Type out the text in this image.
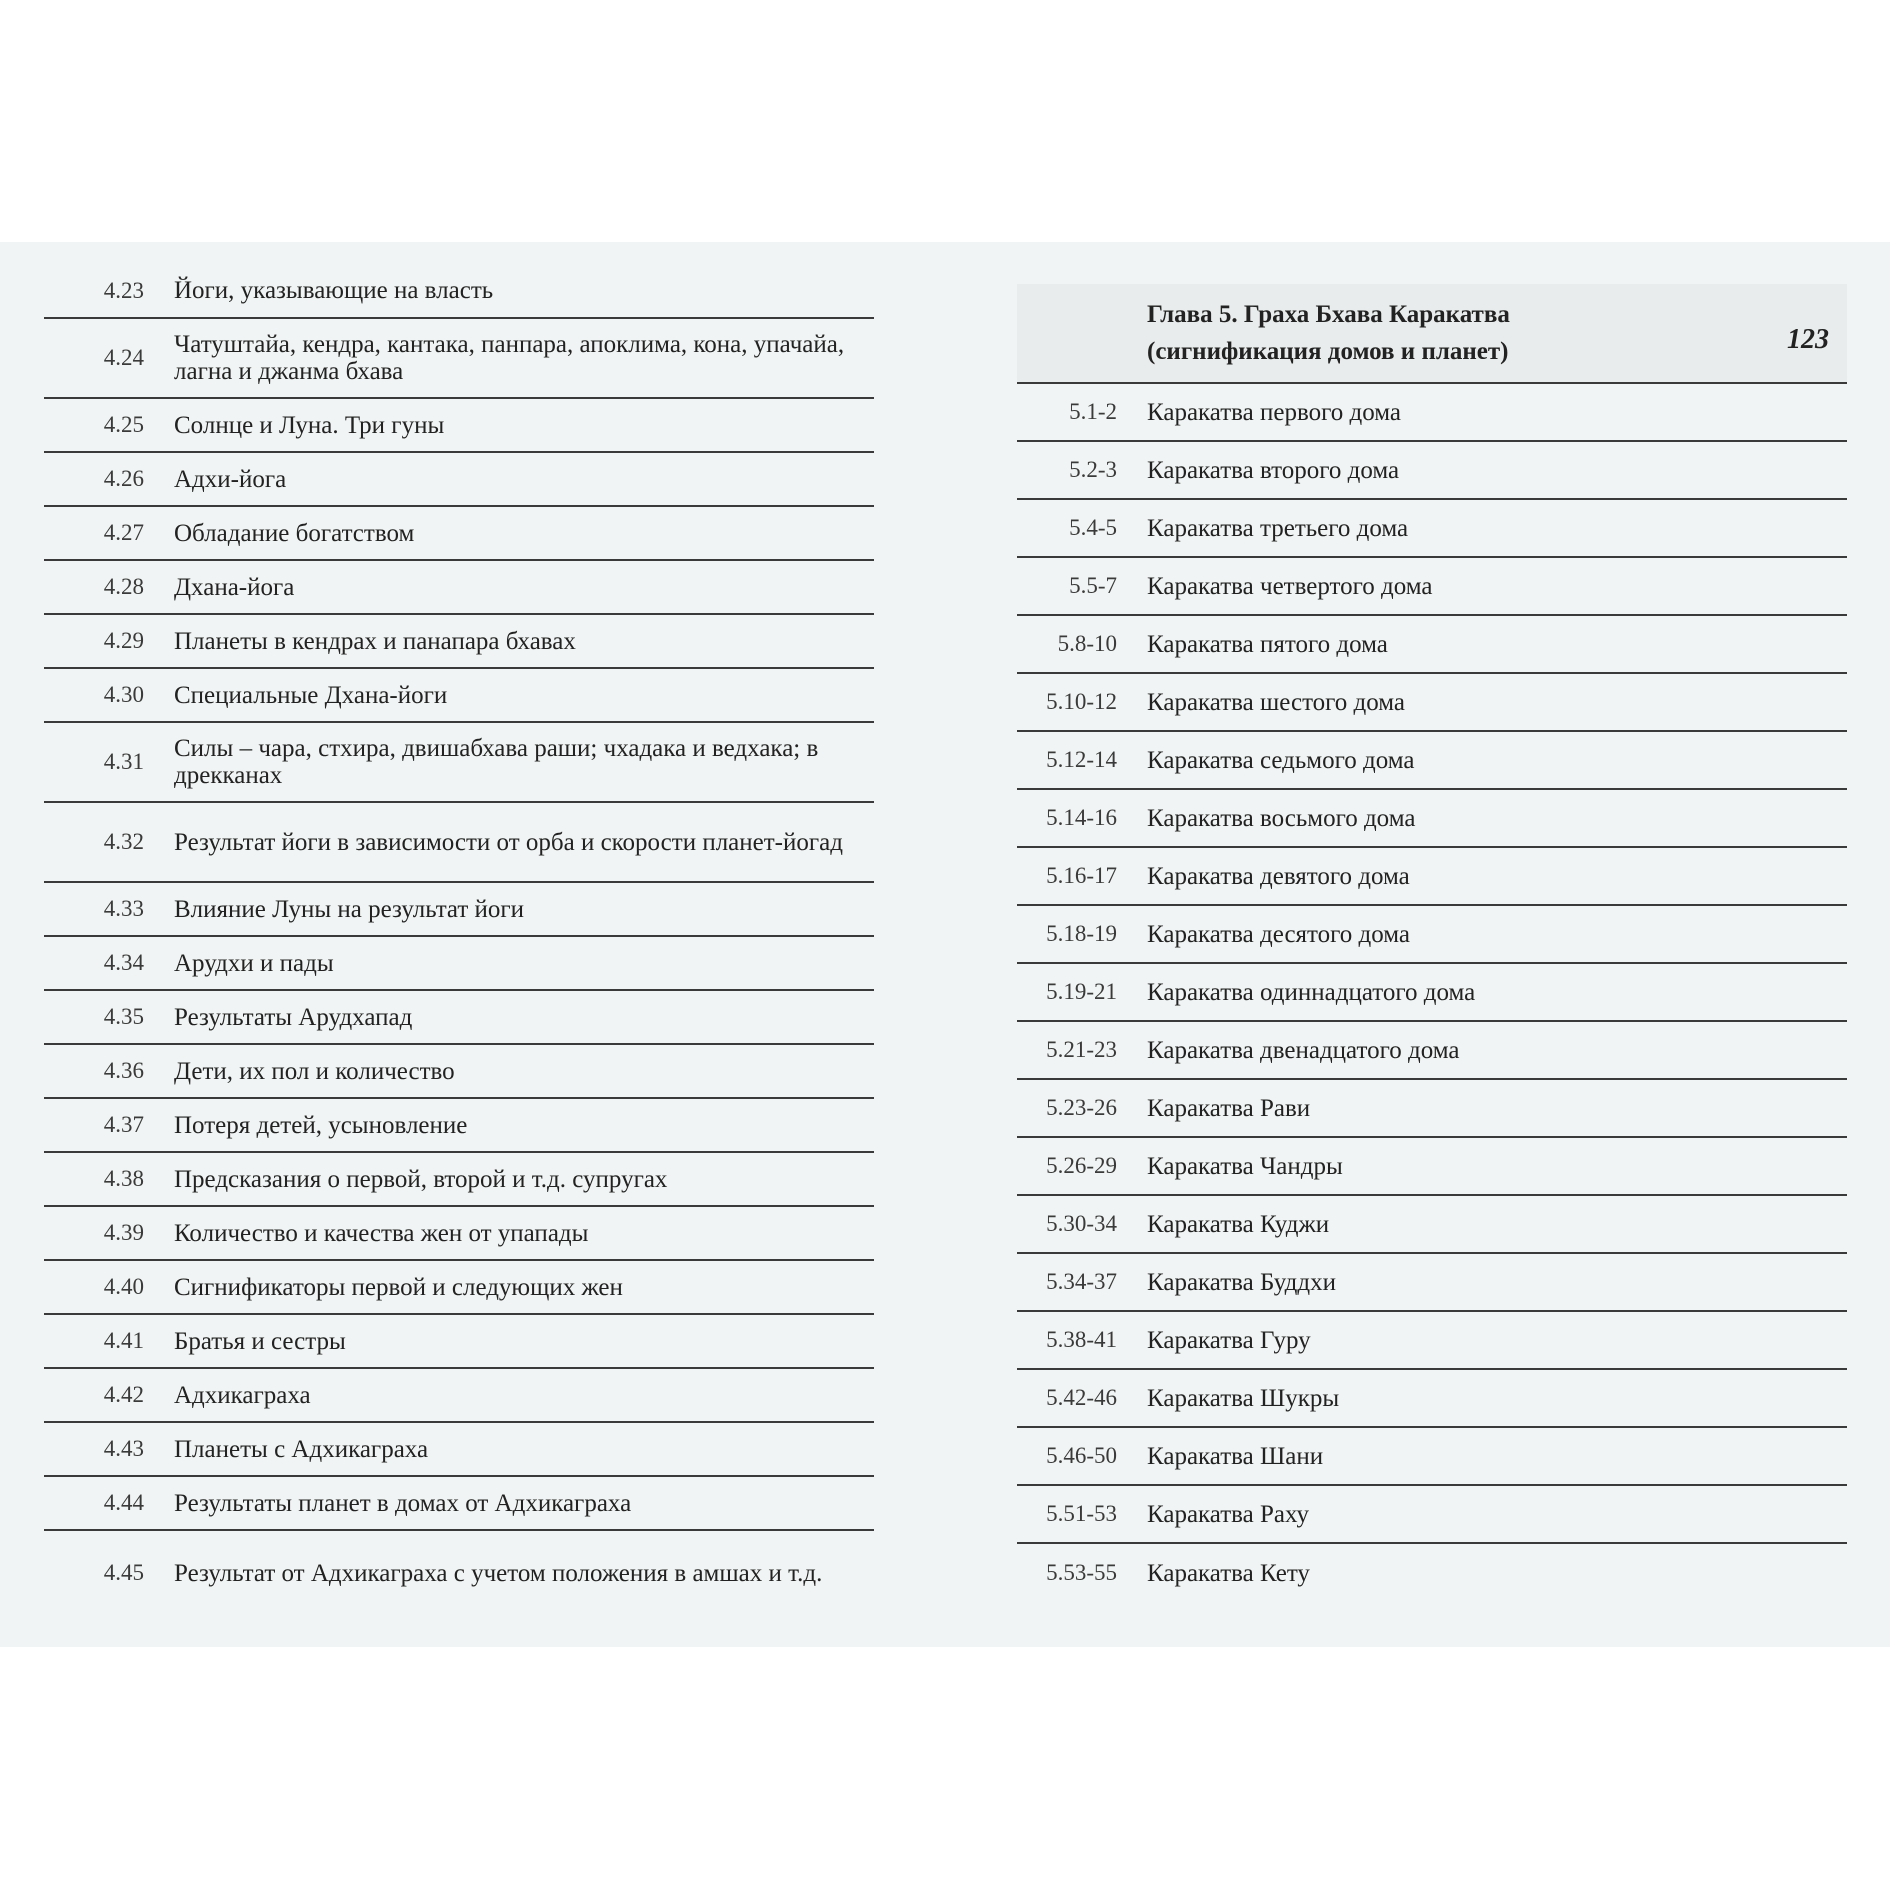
4.23	Йоги, указывающие на власть
4.24	Чатуштайа, кендра, кантака, панпара, апоклима, кона, упачайа, лагна и джанма бхава
4.25	Солнце и Луна. Три гуны
4.26	Адхи-йога
4.27	Обладание богатством
4.28	Дхана-йога
4.29	Планеты в кендрах и панапара бхавах
4.30	Специальные Дхана-йоги
4.31	Силы – чара, стхира, двишабхава раши; чхадака и ведхака; в дрекканах
4.32	Результат йоги в зависимости от орба и скорости планет-йогад
4.33	Влияние Луны на результат йоги
4.34	Арудхи и пады
4.35	Результаты Арудхапад
4.36	Дети, их пол и количество
4.37	Потеря детей, усыновление
4.38	Предсказания о первой, второй и т.д. супругах
4.39	Количество и качества жен от упапады
4.40	Сигнификаторы первой и следующих жен
4.41	Братья и сестры
4.42	Адхикаграха
4.43	Планеты с Адхикаграха
4.44	Результаты планет в домах от Адхикаграха
4.45	Результат от Адхикаграха с учетом положения в амшах и т.д.
Глава 5. Граха Бхава Каракатва
(сигнификация домов и планет)	123
5.1-2	Каракатва первого дома
5.2-3	Каракатва второго дома
5.4-5	Каракатва третьего дома
5.5-7	Каракатва четвертого дома
5.8-10	Каракатва пятого дома
5.10-12	Каракатва шестого дома
5.12-14	Каракатва седьмого дома
5.14-16	Каракатва восьмого дома
5.16-17	Каракатва девятого дома
5.18-19	Каракатва десятого дома
5.19-21	Каракатва одиннадцатого дома
5.21-23	Каракатва двенадцатого дома
5.23-26	Каракатва Рави
5.26-29	Каракатва Чандры
5.30-34	Каракатва Куджи
5.34-37	Каракатва Буддхи
5.38-41	Каракатва Гуру
5.42-46	Каракатва Шукры
5.46-50	Каракатва Шани
5.51-53	Каракатва Раху
5.53-55	Каракатва Кету
